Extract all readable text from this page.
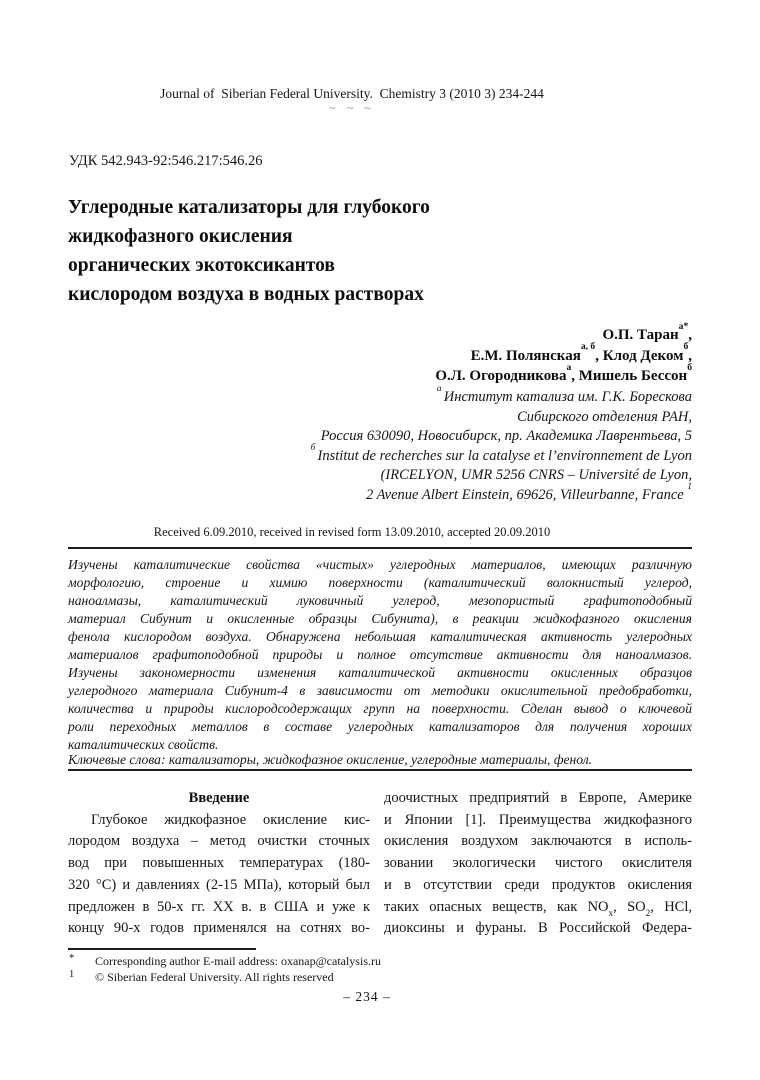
Journal of  Siberian Federal University.  Chemistry 3 (2010 3) 234-244
~ ~ ~
УДК 542.943-92:546.217:546.26
Углеродные катализаторы для глубокого
жидкофазного окисления
органических экотоксикантов
кислородом воздуха в водных растворах
О.П. Таран$^{а*}$,
Е.М. Полянская$^{а, б}$, Клод Деком$^б$,
О.Л. Огородникова$^а$, Мишель Бессон$^б$
$^а$ Институт катализа им. Г.К. Борескова
Сибирского отделения РАН,
Россия 630090, Новосибирск, пр. Академика Лаврентьева, 5
$^б$ Institut de recherches sur la catalyse et l’environnement de Lyon
(IRCELYON, UMR 5256 CNRS – Université de Lyon,
2 Avenue Albert Einstein, 69626, Villeurbanne, France $^1$
Received 6.09.2010, received in revised form 13.09.2010, accepted 20.09.2010
Изучены каталитические свойства «чистых» углеродных материалов, имеющих различную
морфологию, строение и химию поверхности (каталитический волокнистый углерод,
наноалмазы, каталитический луковичный углерод, мезопористый графитоподобный
материал Сибунит и окисленные образцы Сибунита), в реакции жидкофазного окисления
фенола кислородом воздуха. Обнаружена небольшая каталитическая активность углеродных
материалов графитоподобной природы и полное отсутствие активности для наноалмазов.
Изучены закономерности изменения каталитической активности окисленных образцов
углеродного материала Сибунит-4 в зависимости от методики окислительной предобработки,
количества и природы кислородсодержащих групп на поверхности. Сделан вывод о ключевой
роли переходных металлов в составе углеродных катализаторов для получения хороших
каталитических свойств.
Ключевые слова: катализаторы, жидкофазное окисление, углеродные материалы, фенол.
Введение
Глубокое жидкофазное окисление кис-
лородом воздуха – метод очистки сточных
вод при повышенных температурах (180-
320 °C) и давлениях (2-15 МПа), который был
предложен в 50-х гг. XX в. в США и уже к
концу 90-х годов применялся на сотнях во-
доочистных предприятий в Европе, Америке
и Японии [1]. Преимущества жидкофазного
окисления воздухом заключаются в исполь-
зовании экологически чистого окислителя
и в отсутствии среди продуктов окисления
таких опасных веществ, как $NO_x$, $SO_2$, HCl,
диоксины и фураны. В Российской Федера-
* Corresponding author E-mail address: oxanap@catalysis.ru
1 © Siberian Federal University. All rights reserved
– 234 –
